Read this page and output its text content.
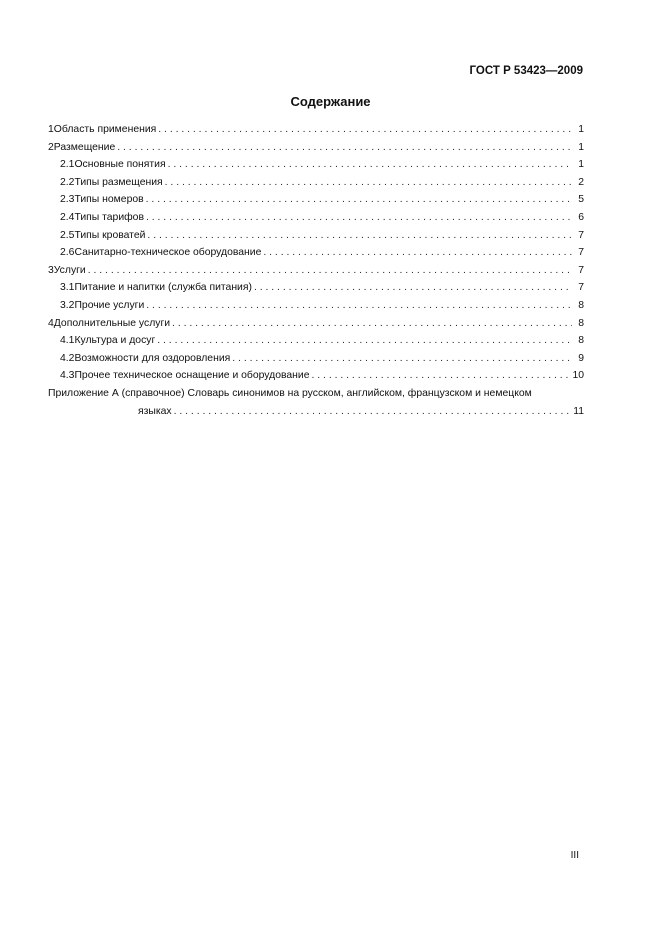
ГОСТ Р 53423—2009
Содержание
1 Область применения . . .	1
2 Размещение . . .	1
2.1 Основные понятия . . .	1
2.2 Типы размещения . . .	2
2.3 Типы номеров . . .	5
2.4 Типы тарифов . . .	6
2.5 Типы кроватей . . .	7
2.6 Санитарно-техническое оборудование . . .	7
3 Услуги . . .	7
3.1 Питание и напитки (служба питания) . . .	7
3.2 Прочие услуги . . .	8
4 Дополнительные услуги . . .	8
4.1 Культура и досуг . . .	8
4.2 Возможности для оздоровления . . .	9
4.3 Прочее техническое оснащение и оборудование . . .	10
Приложение А (справочное) Словарь синонимов на русском, английском, французском и немецком
языках . . .	11
III
